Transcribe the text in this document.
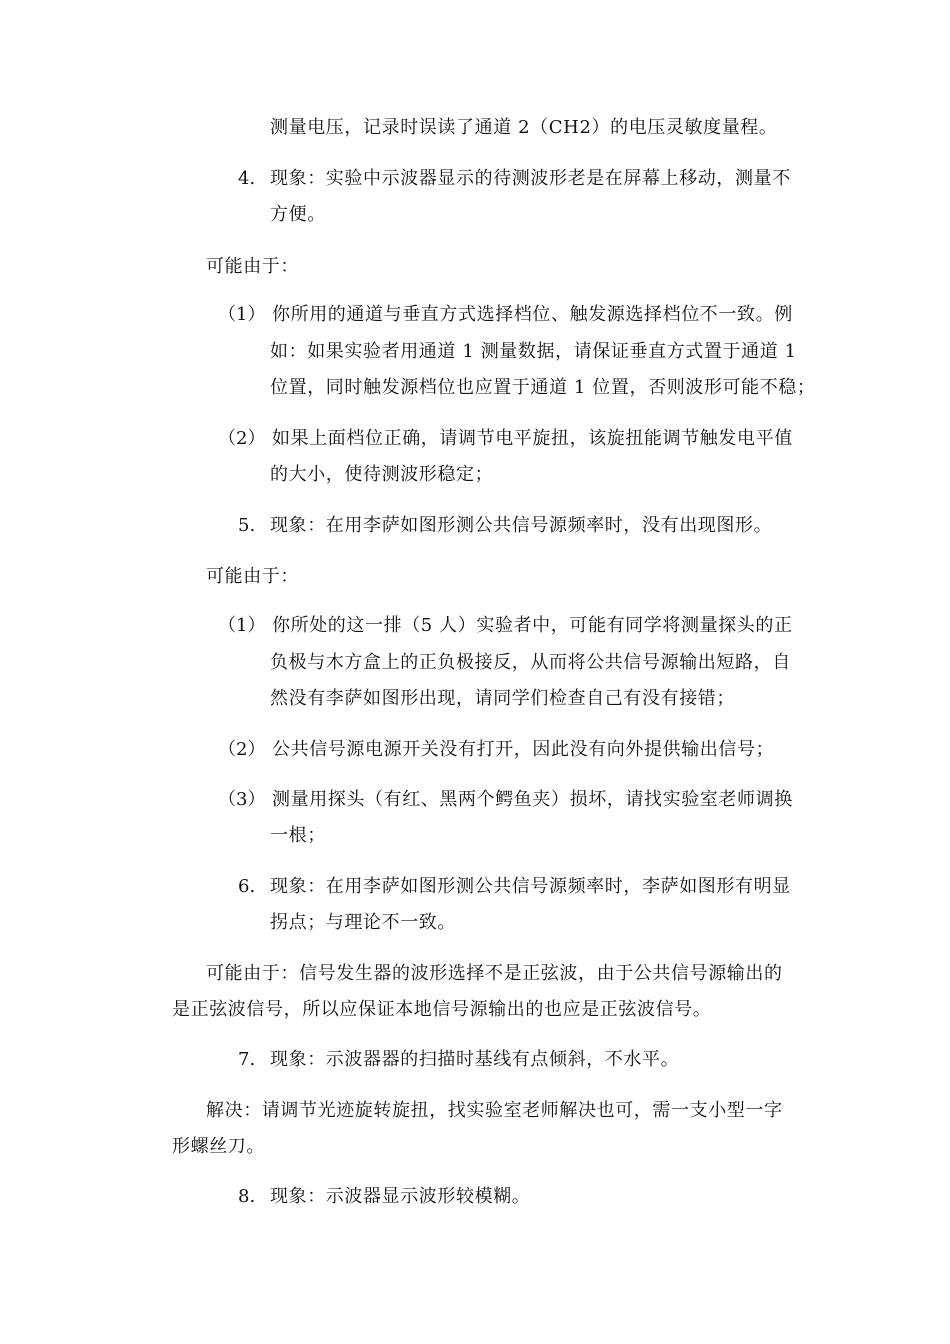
测量电压，记录时误读了通道 2（CH2）的电压灵敏度量程。
4. 现象：实验中示波器显示的待测波形老是在屏幕上移动，测量不
方便。
可能由于：
（1） 你所用的通道与垂直方式选择档位、触发源选择档位不一致。例
如：如果实验者用通道 1 测量数据，请保证垂直方式置于通道 1
位置，同时触发源档位也应置于通道 1 位置，否则波形可能不稳；
（2） 如果上面档位正确，请调节电平旋扭，该旋扭能调节触发电平值
的大小，使待测波形稳定；
5. 现象：在用李萨如图形测公共信号源频率时，没有出现图形。
可能由于：
（1） 你所处的这一排（5 人）实验者中，可能有同学将测量探头的正
负极与木方盒上的正负极接反，从而将公共信号源输出短路，自
然没有李萨如图形出现，请同学们检查自己有没有接错；
（2） 公共信号源电源开关没有打开，因此没有向外提供输出信号；
（3） 测量用探头（有红、黑两个鳄鱼夹）损坏，请找实验室老师调换
一根；
6. 现象：在用李萨如图形测公共信号源频率时，李萨如图形有明显
拐点；与理论不一致。
可能由于：信号发生器的波形选择不是正弦波，由于公共信号源输出的
是正弦波信号，所以应保证本地信号源输出的也应是正弦波信号。
7. 现象：示波器器的扫描时基线有点倾斜，不水平。
解决：请调节光迹旋转旋扭，找实验室老师解决也可，需一支小型一字
形螺丝刀。
8. 现象：示波器显示波形较模糊。
